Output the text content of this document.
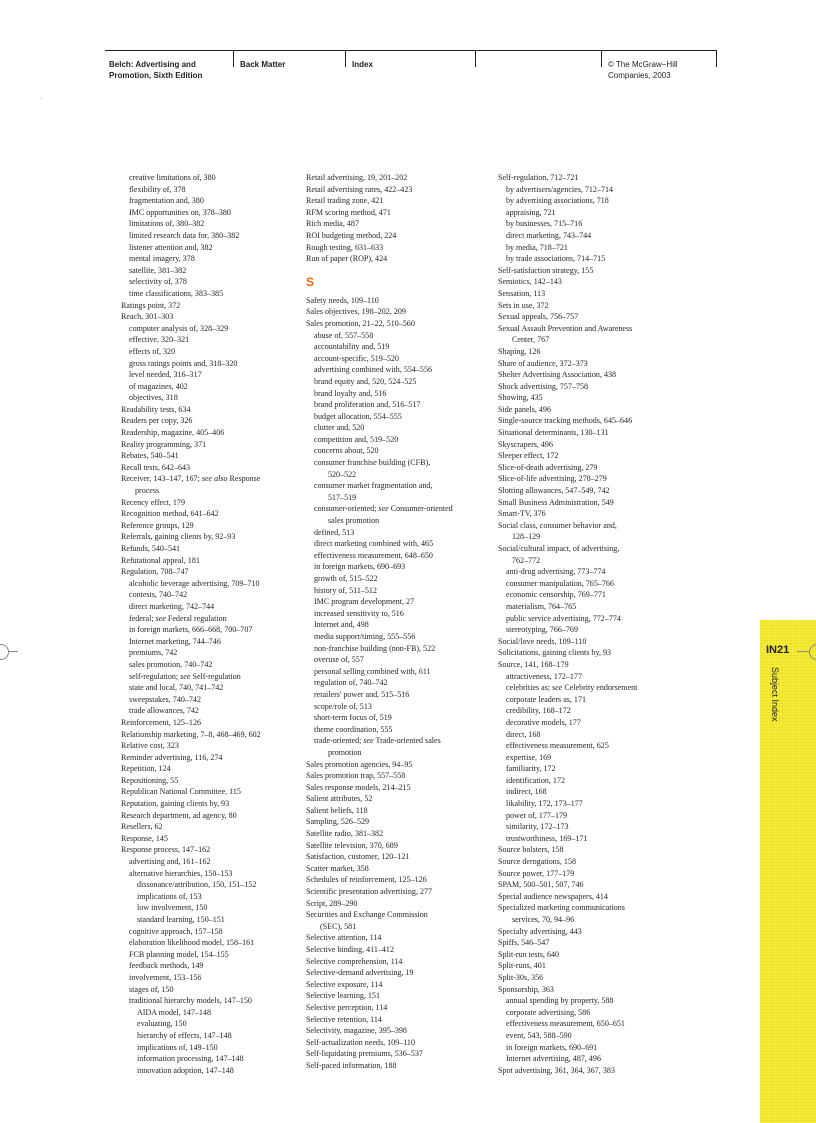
Belch: Advertising and
Promotion, Sixth Edition
Back Matter	Index	© The McGraw−Hill
Companies, 2003
·
IN21
Subject Index
creative limitations of, 380
flexibility of, 378
fragmentation and, 380
IMC opportunities on, 378–380
limitations of, 380–382
limited research data for, 380–382
listener attention and, 382
mental imagery, 378
satellite, 381–382
selectivity of, 378
time classifications, 383–385
Ratings point, 372
Reach, 301–303
computer analysis of, 328–329
effective, 320–321
effects of, 320
gross ratings points and, 318–320
level needed, 316–317
of magazines, 402
objectives, 318
Readability tests, 634
Readers per copy, 326
Readership, magazine, 405–406
Reality programming, 371
Rebates, 540–541
Recall tests, 642–643
Receiver, 143–147, 167; see also Response
process
Recency effect, 179
Recognition method, 641–642
Reference groups, 129
Referrals, gaining clients by, 92–93
Refunds, 540–541
Refutational appeal, 181
Regulation, 708–747
alcoholic beverage advertising, 709–710
contests, 740–742
direct marketing, 742–744
federal; see Federal regulation
in foreign markets, 666–668, 700–707
Internet marketing, 744–746
premiums, 742
sales promotion, 740–742
self-regulation; see Self-regulation
state and local, 740, 741–742
sweepstakes, 740–742
trade allowances, 742
Reinforcement, 125–126
Relationship marketing, 7–8, 468–469, 602
Relative cost, 323
Reminder advertising, 116, 274
Repetition, 124
Repositioning, 55
Republican National Committee, 115
Reputation, gaining clients by, 93
Research department, ad agency, 80
Resellers, 62
Response, 145
Response process, 147–162
advertising and, 161–162
alternative hierarchies, 150–153
dissonance/attribution, 150, 151–152
implications of, 153
low involvement, 150
standard learning, 150–151
cognitive approach, 157–158
elaboration likelihood model, 158–161
FCB planning model, 154–155
feedback methods, 149
involvement, 153–156
stages of, 150
traditional hierarchy models, 147–150
AIDA model, 147–148
evaluating, 150
hierarchy of effects, 147–148
implications of, 149–150
information processing, 147–148
innovation adoption, 147–148
Retail advertising, 19, 201–202
Retail advertising rates, 422–423
Retail trading zone, 421
RFM scoring method, 471
Rich media, 487
ROI budgeting method, 224
Rough testing, 631–633
Run of paper (ROP), 424
S
Safety needs, 109–110
Sales objectives, 198–202, 209
Sales promotion, 21–22, 510–560
abuse of, 557–558
accountability and, 519
account-specific, 519–520
advertising combined with, 554–556
brand equity and, 520, 524–525
brand loyalty and, 516
brand proliferation and, 516–517
budget allocation, 554–555
clutter and, 520
competition and, 519–520
concerns about, 520
consumer franchise building (CFB),
520–522
consumer market fragmentation and,
517–519
consumer-oriented; see Consumer-oriented
sales promotion
defined, 513
direct marketing combined with, 465
effectiveness measurement, 648–650
in foreign markets, 690–693
growth of, 515–522
history of, 511–512
IMC program development, 27
increased sensitivity to, 516
Internet and, 498
media support/timing, 555–556
non-franchise building (non-FB), 522
overuse of, 557
personal selling combined with, 611
regulation of, 740–742
retailers' power and, 515–516
scope/role of, 513
short-term focus of, 519
theme coordination, 555
trade-oriented; see Trade-oriented sales
promotion
Sales promotion agencies, 94–95
Sales promotion trap, 557–558
Sales response models, 214–215
Salient attributes, 52
Salient beliefs, 118
Sampling, 526–529
Satellite radio, 381–382
Satellite television, 370, 689
Satisfaction, customer, 120–121
Scatter market, 358
Schedules of reinforcement, 125–126
Scientific presentation advertising, 277
Script, 289–290
Securities and Exchange Commission
(SEC), 581
Selective attention, 114
Selective binding, 411–412
Selective comprehension, 114
Selective-demand advertising, 19
Selective exposure, 114
Selective learning, 151
Selective perception, 114
Selective retention, 114
Selectivity, magazine, 395–398
Self-actualization needs, 109–110
Self-liquidating premiums, 536–537
Self-paced information, 188
Self-regulation, 712–721
by advertisers/agencies, 712–714
by advertising associations, 718
appraising, 721
by businesses, 715–716
direct marketing, 743–744
by media, 718–721
by trade associations, 714–715
Self-satisfaction strategy, 155
Semiotics, 142–143
Sensation, 113
Sets in use, 372
Sexual appeals, 756–757
Sexual Assault Prevention and Awareness
Center, 767
Shaping, 126
Share of audience, 372–373
Shelter Advertising Association, 438
Shock advertising, 757–758
Showing, 435
Side panels, 496
Single-source tracking methods, 645–646
Situational determinants, 130–131
Skyscrapers, 496
Sleeper effect, 172
Slice-of-death advertising, 279
Slice-of-life advertising, 278–279
Slotting allowances, 547–549, 742
Small Business Administration, 549
Smart-TV, 376
Social class, consumer behavior and,
128–129
Social/cultural impact, of advertising,
762–772
anti-drug advertising, 773–774
consumer manipulation, 765–766
economic censorship, 769–771
materialism, 764–765
public service advertising, 772–774
stereotyping, 766–769
Social/love needs, 109–110
Solicitations, gaining clients by, 93
Source, 141, 168–179
attractiveness, 172–177
celebrities as; see Celebrity endorsement
corporate leaders as, 171
credibility, 168–172
decorative models, 177
direct, 168
effectiveness measurement, 625
expertise, 169
familiarity, 172
identification, 172
indirect, 168
likability, 172, 173–177
power of, 177–179
similarity, 172–173
trustworthiness, 169–171
Source bolsters, 158
Source derogations, 158
Source power, 177–179
SPAM, 500–501, 507, 746
Special audience newspapers, 414
Specialized marketing communications
services, 70, 94–96
Specialty advertising, 443
Spiffs, 546–547
Split-run tests, 640
Split-runs, 401
Split-30s, 356
Sponsorship, 363
annual spending by property, 588
corporate advertising, 586
effectiveness measurement, 650–651
event, 543, 588–590
in foreign markets, 690–691
Internet advertising, 487, 496
Spot advertising, 361, 364, 367, 383
